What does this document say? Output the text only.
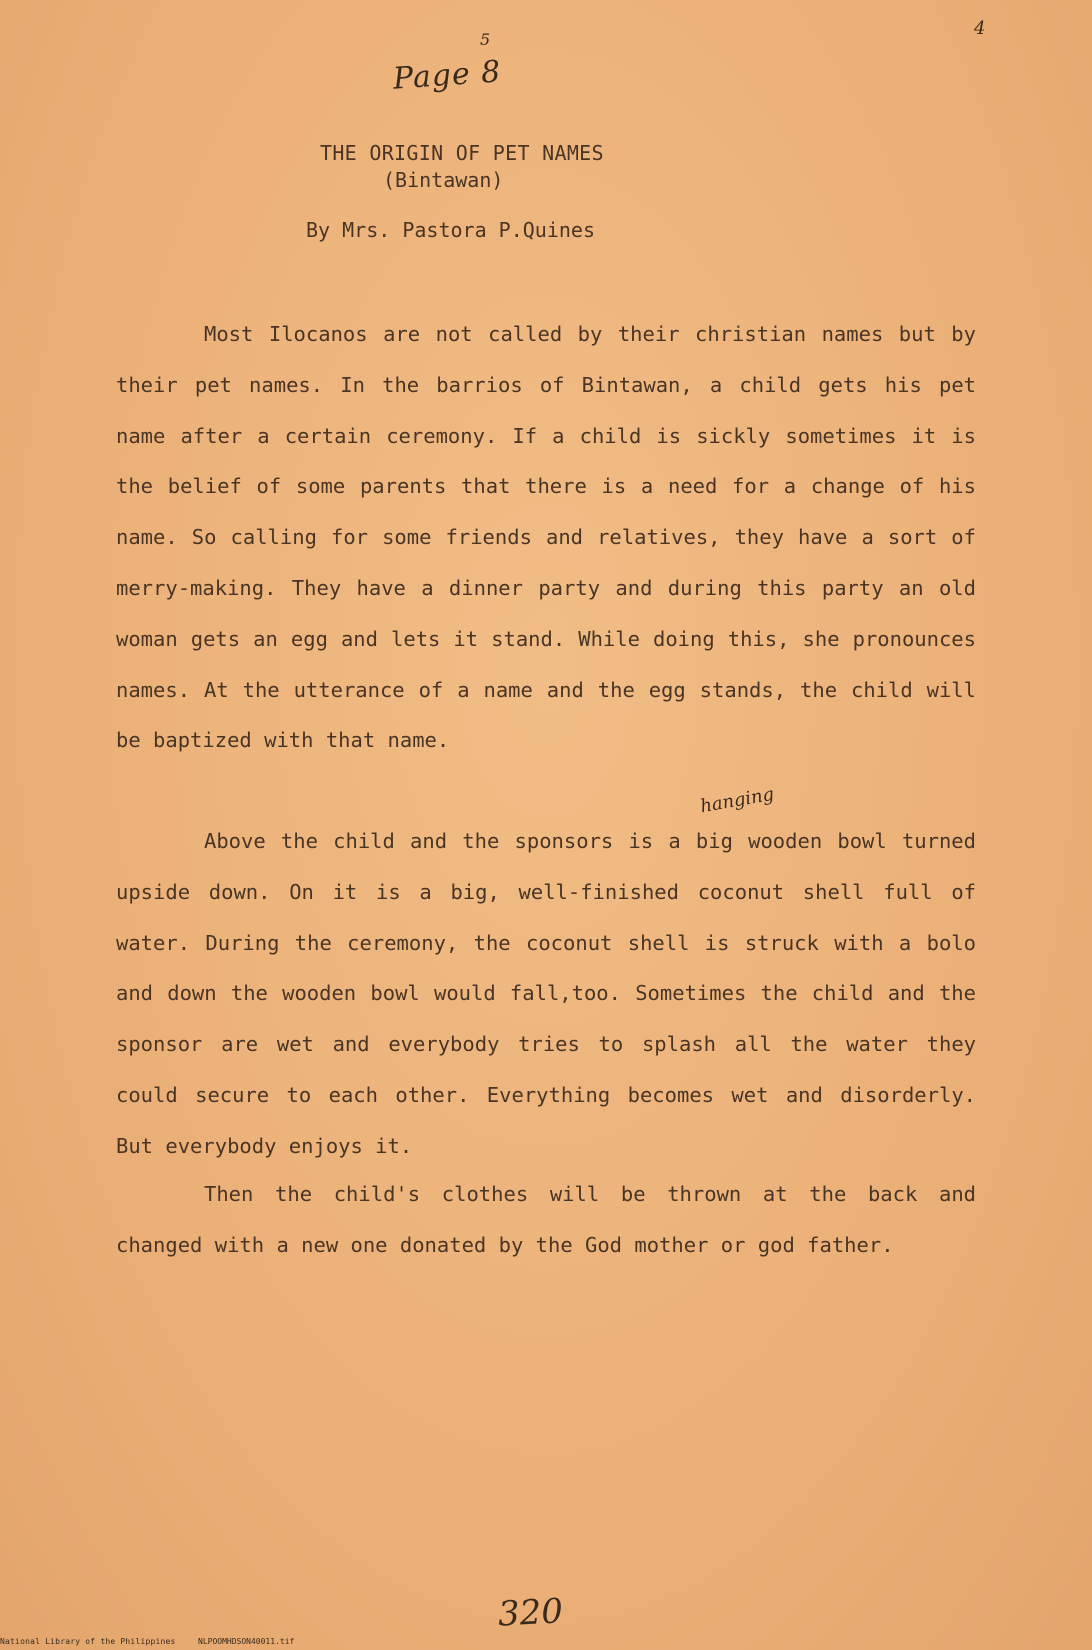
4
5
Page 8
THE ORIGIN OF PET NAMES
(Bintawan)
By Mrs. Pastora P.Quines

Most Ilocanos are not called by their christian names but by their pet names. In the barrios of Bintawan, a child gets his pet name after a certain ceremony. If a child is sickly sometimes it is the belief of some parents that there is a need for a change of his name. So calling for some friends and relatives, they have a sort of merry-making. They have a dinner party and during this party an old woman gets an egg and lets it stand. While doing this, she pronounces names. At the utterance of a name and the egg stands, the child will be baptized with that name.

hanging

Above the child and the sponsors is a big wooden bowl turned upside down. On it is a big, well-finished coconut shell full of water. During the ceremony, the coconut shell is struck with a bolo and down the wooden bowl would fall,too. Sometimes the child and the sponsor are wet and everybody tries to splash all the water they could secure to each other. Everything becomes wet and disorderly. But everybody enjoys it.

Then the child's clothes will be thrown at the back and changed with a new one donated by the God mother or god father.

320
National Library of the Philippines	NLPOOMHDSON40011.tif
